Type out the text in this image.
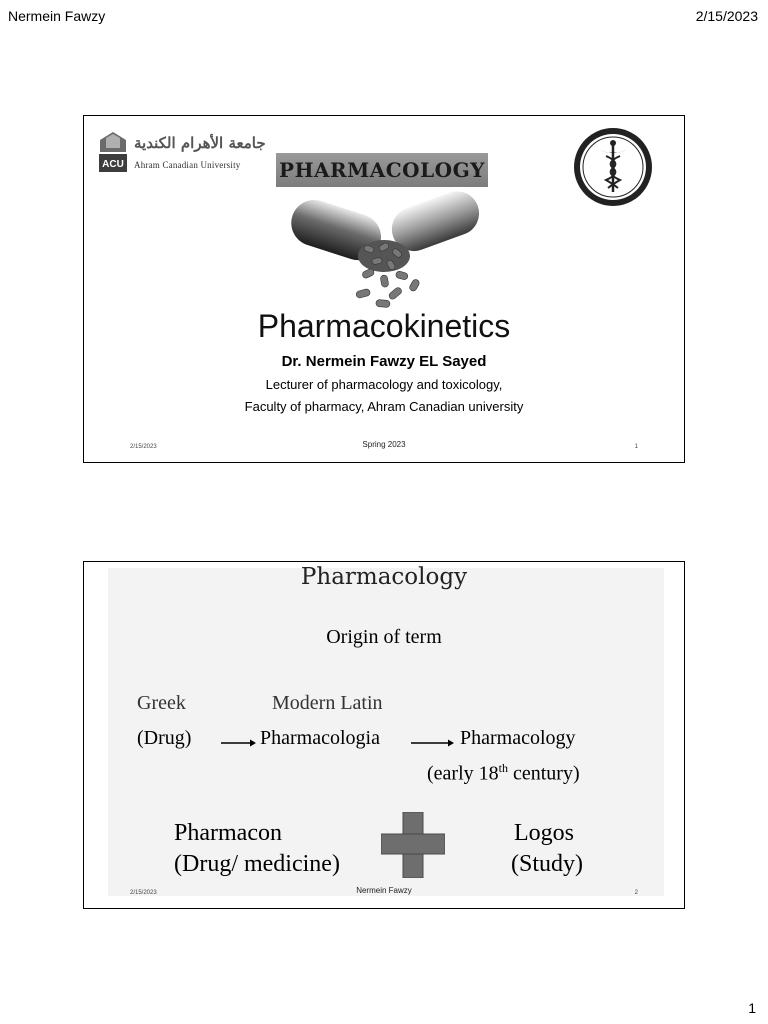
Nermein Fawzy	2/15/2023
ACU
جامعة الأهرام الكندية
Ahram Canadian University PHARMACOLOGY
Pharmacokinetics
Dr. Nermein Fawzy EL Sayed
Lecturer of pharmacology and toxicology,
Faculty of pharmacy, Ahram Canadian university
2/15/2023	Spring 2023	1
Pharmacology
Origin of term
Greek	Modern Latin
(Drug)	Pharmacologia	Pharmacology
(early 18th century)
Pharmacon
(Drug/ medicine)
Logos
(Study)
2/15/2023	Nermein Fawzy	2
1
